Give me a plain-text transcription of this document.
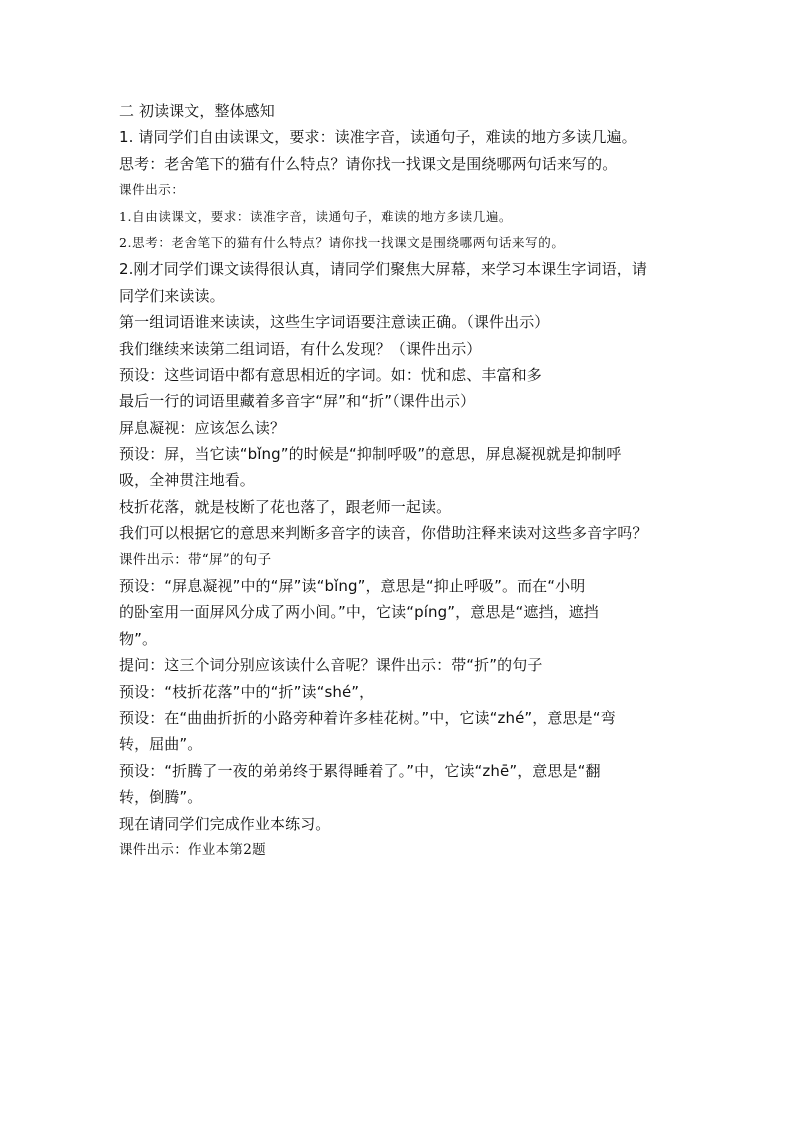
二 初读课文，整体感知
1. 请同学们自由读课文，要求：读准字音，读通句子，难读的地方多读几遍。
思考：老舍笔下的猫有什么特点？请你找一找课文是围绕哪两句话来写的。
课件出示：
1.自由读课文，要求：读准字音，读通句子，难读的地方多读几遍。
2.思考：老舍笔下的猫有什么特点？请你找一找课文是围绕哪两句话来写的。
2.刚才同学们课文读得很认真，请同学们聚焦大屏幕，来学习本课生字词语，请
同学们来读读。
第一组词语谁来读读，这些生字词语要注意读正确。（课件出示）
我们继续来读第二组词语，有什么发现？（课件出示）
预设：这些词语中都有意思相近的字词。如：忧和虑、丰富和多
最后一行的词语里藏着多音字“屏”和“折”（课件出示）
屏息凝视：应该怎么读？
预设：屏，当它读“bǐng”的时候是“抑制呼吸”的意思，屏息凝视就是抑制呼
吸，全神贯注地看。
枝折花落，就是枝断了花也落了，跟老师一起读。
我们可以根据它的意思来判断多音字的读音，你借助注释来读对这些多音字吗？
课件出示：带“屏”的句子
预设：“屏息凝视”中的“屏”读“bǐng”，意思是“抑止呼吸”。而在“小明
的卧室用一面屏风分成了两小间。”中，它读“píng”，意思是“遮挡，遮挡
物”。
提问：这三个词分别应该读什么音呢？课件出示：带“折”的句子
预设：“枝折花落”中的“折”读“shé”，
预设：在“曲曲折折的小路旁种着许多桂花树。”中，它读“zhé”，意思是“弯
转，屈曲”。
预设：“折腾了一夜的弟弟终于累得睡着了。”中，它读“zhē”，意思是“翻
转，倒腾”。
现在请同学们完成作业本练习。
课件出示：作业本第2题
